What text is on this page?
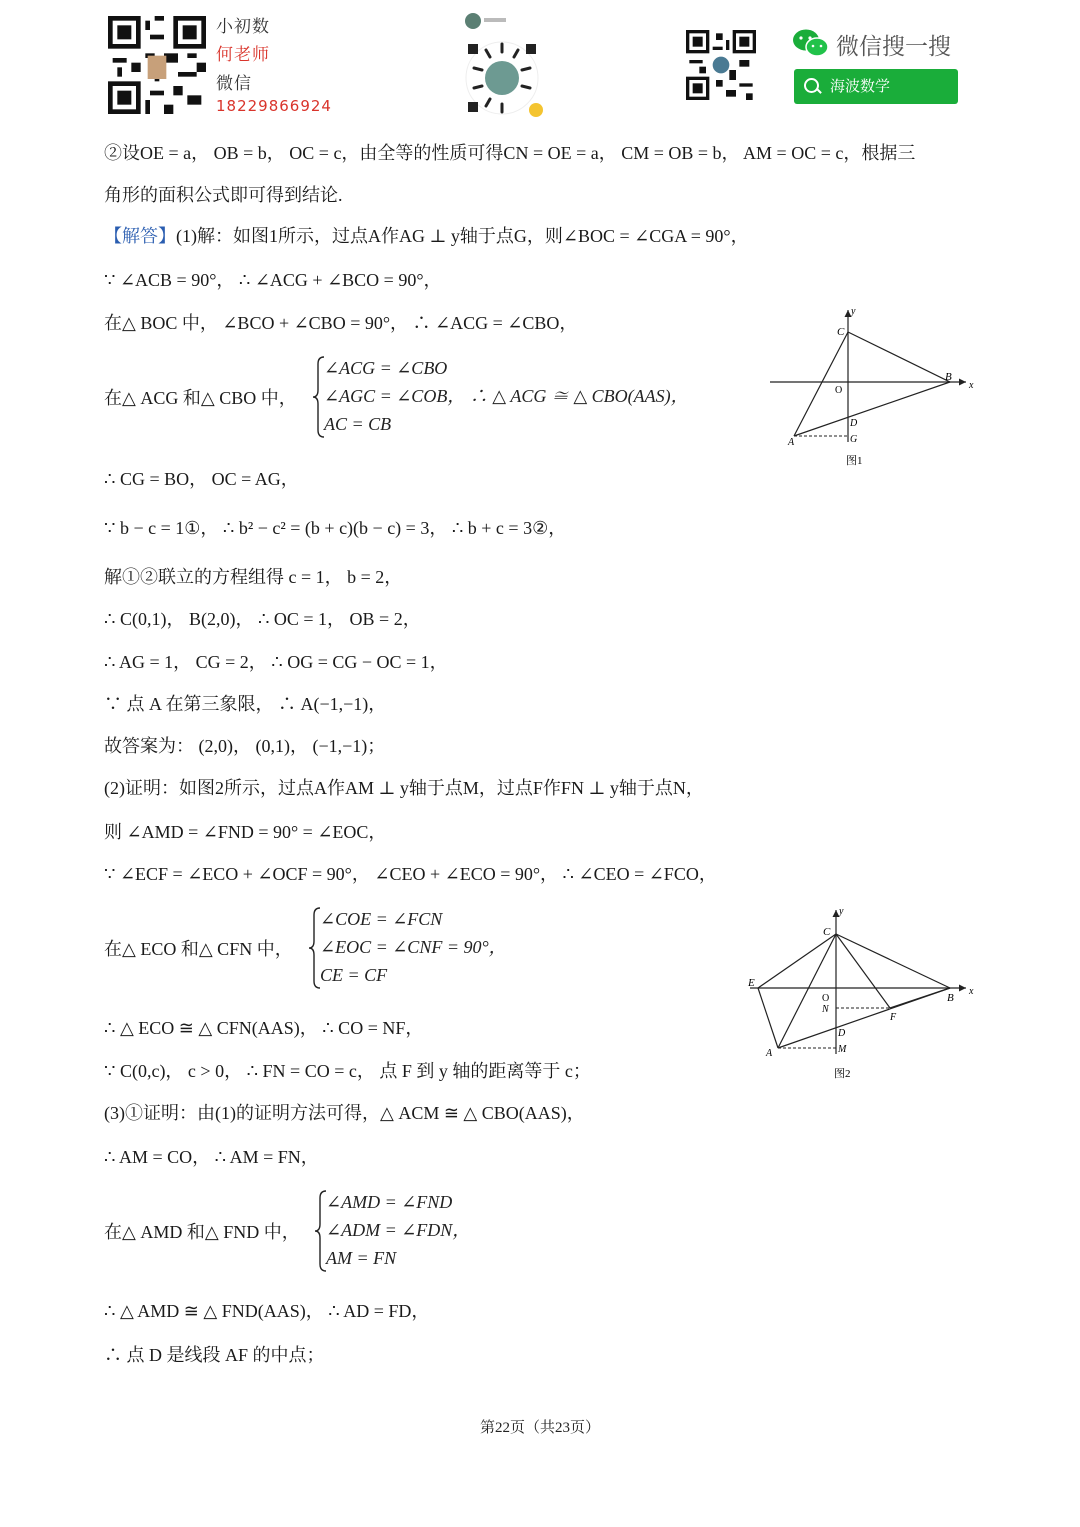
小初数
何老师
微信
18229866924
微信搜一搜
海波数学
②设OE = a， OB = b， OC = c，由全等的性质可得CN = OE = a， CM = OB = b， AM = OC = c，根据三
角形的面积公式即可得到结论.
【解答】(1)解：如图1所示，过点A作AG ⊥ y轴于点G，则∠BOC = ∠CGA = 90°，
∵ ∠ACB = 90°， ∴ ∠ACG + ∠BCO = 90°，
在△ BOC 中， ∠BCO + ∠CBO = 90°， ∴ ∠ACG = ∠CBO，
在△ ACG 和△ CBO 中，
∠ACG = ∠CBO
∠AGC = ∠COB， ∴ △ ACG ≅ △ CBO(AAS)，
AC = CB
∴ CG = BO， OC = AG，
∵ b − c = 1①， ∴ b² − c² = (b + c)(b − c) = 3， ∴ b + c = 3②，
解①②联立的方程组得 c = 1， b = 2，
∴ C(0,1)， B(2,0)， ∴ OC = 1， OB = 2，
∴ AG = 1， CG = 2， ∴ OG = CG − OC = 1，
∵ 点 A 在第三象限， ∴ A(−1,−1)，
故答案为： (2,0)， (0,1)， (−1,−1)；
(2)证明：如图2所示，过点A作AM ⊥ y轴于点M，过点F作FN ⊥ y轴于点N，
则 ∠AMD = ∠FND = 90° = ∠EOC，
∵ ∠ECF = ∠ECO + ∠OCF = 90°， ∠CEO + ∠ECO = 90°， ∴ ∠CEO = ∠FCO，
在△ ECO 和△ CFN 中，
∠COE = ∠FCN
∠EOC = ∠CNF = 90°，
CE = CF
∴ △ ECO ≅ △ CFN(AAS)， ∴ CO = NF，
∵ C(0,c)， c > 0， ∴ FN = CO = c， 点 F 到 y 轴的距离等于 c；
(3)①证明：由(1)的证明方法可得，△ ACM ≅ △ CBO(AAS)，
∴ AM = CO， ∴ AM = FN，
在△ AMD 和△ FND 中，
∠AMD = ∠FND
∠ADM = ∠FDN，
AM = FN
∴ △ AMD ≅ △ FND(AAS)， ∴ AD = FD，
∴ 点 D 是线段 AF 的中点；
y
x
C
O
B
D
G
A
图1
y
x
C
E
O
N
B
F
D
M
A
图2
第22页（共23页）
